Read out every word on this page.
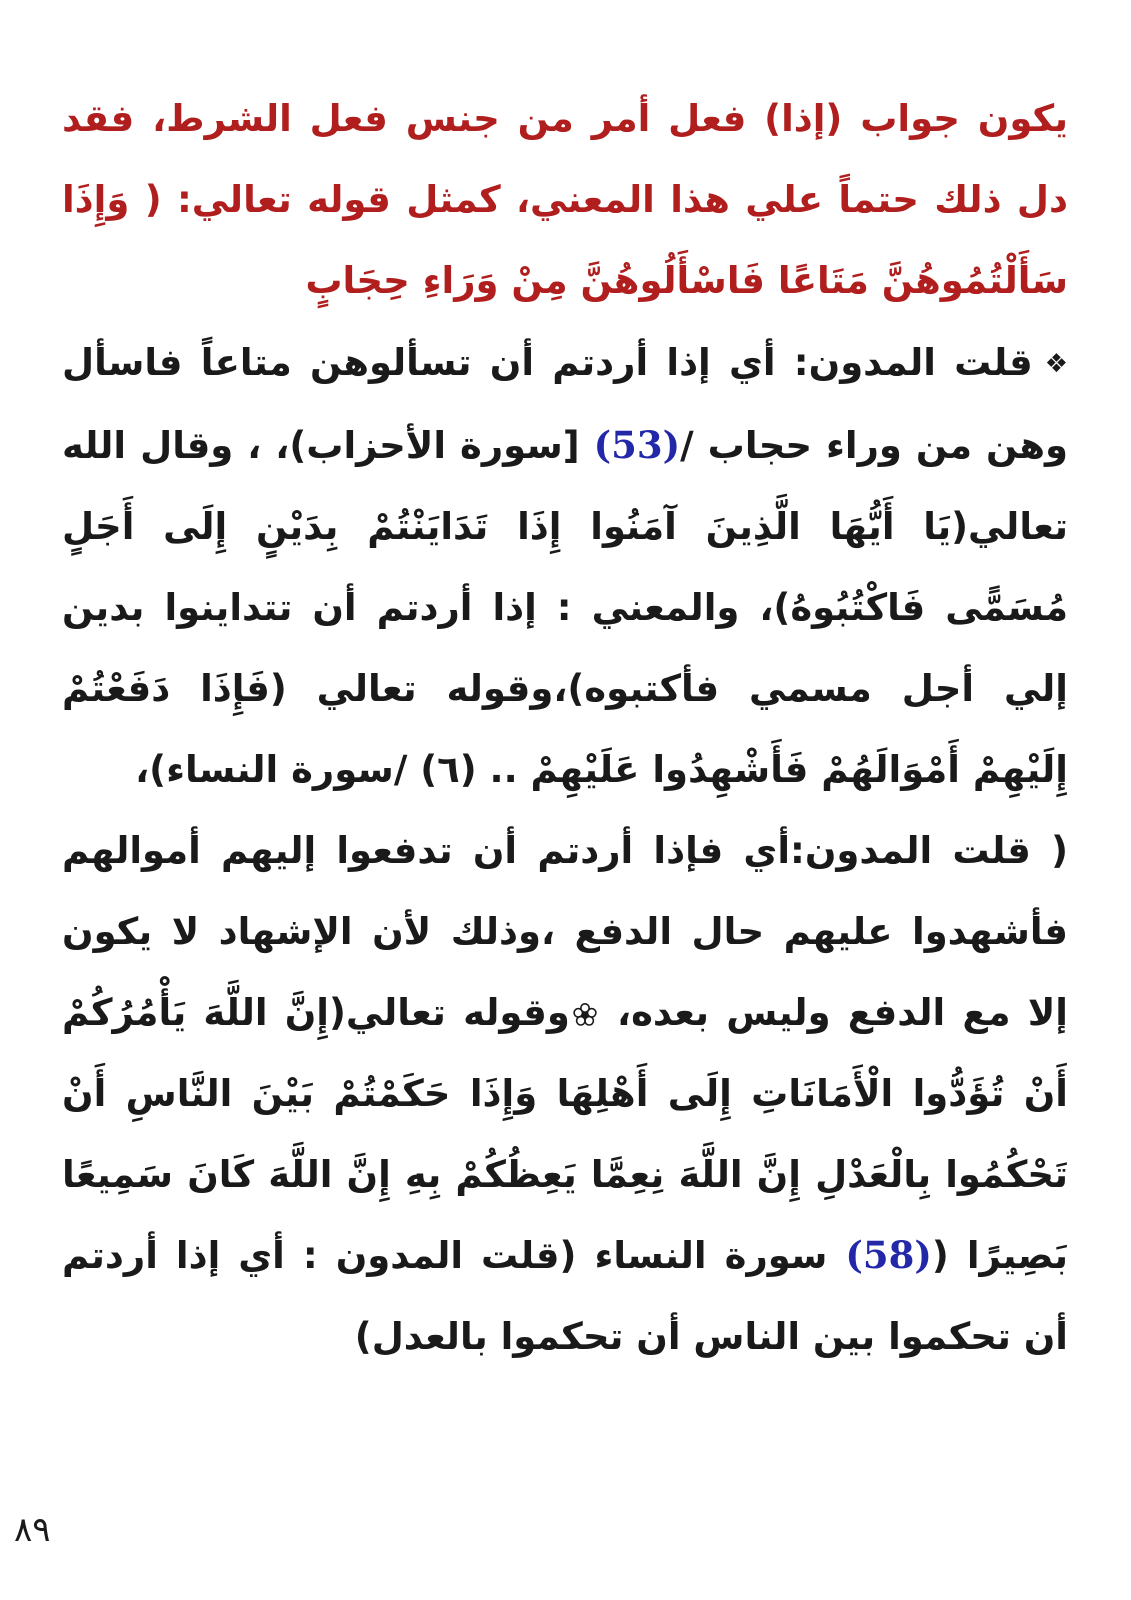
يكون جواب (إذا) فعل أمر من جنس فعل الشرط، فقد دل ذلك حتماً علي هذا المعني، كمثل قوله تعالي: ( وَإِذَا سَأَلْتُمُوهُنَّ مَتَاعًا فَاسْأَلُوهُنَّ مِنْ وَرَاءِ حِجَابٍ

❖قلت المدون: أي إذا أردتم أن تسألوهن متاعاً فاسأل وهن من وراء حجاب /(53) [سورة الأحزاب)، ، وقال الله تعالي(يَا أَيُّهَا الَّذِينَ آمَنُوا إِذَا تَدَايَنْتُمْ بِدَيْنٍ إِلَى أَجَلٍ مُسَمًّى فَاكْتُبُوهُ)، والمعني : إذا أردتم أن تتداينوا بدين إلي أجل مسمي فأكتبوه)،وقوله تعالي (فَإِذَا دَفَعْتُمْ إِلَيْهِمْ أَمْوَالَهُمْ فَأَشْهِدُوا عَلَيْهِمْ .. (٦) /سورة النساء)،

( قلت المدون:أي فإذا أردتم أن تدفعوا إليهم أموالهم فأشهدوا عليهم حال الدفع ،وذلك لأن الإشهاد لا يكون إلا مع الدفع وليس بعده، وقوله تعالي(إِنَّ اللَّهَ يَأْمُرُكُمْ أَنْ تُؤَدُّوا الْأَمَانَاتِ إِلَى أَهْلِهَا وَإِذَا حَكَمْتُمْ بَيْنَ النَّاسِ أَنْ تَحْكُمُوا بِالْعَدْلِ إِنَّ اللَّهَ نِعِمَّا يَعِظُكُمْ بِهِ إِنَّ اللَّهَ كَانَ سَمِيعًا بَصِيرًا ((58) سورة النساء (قلت المدون : أي إذا أردتم أن تحكموا بين الناس أن تحكموا بالعدل)

٨٩
